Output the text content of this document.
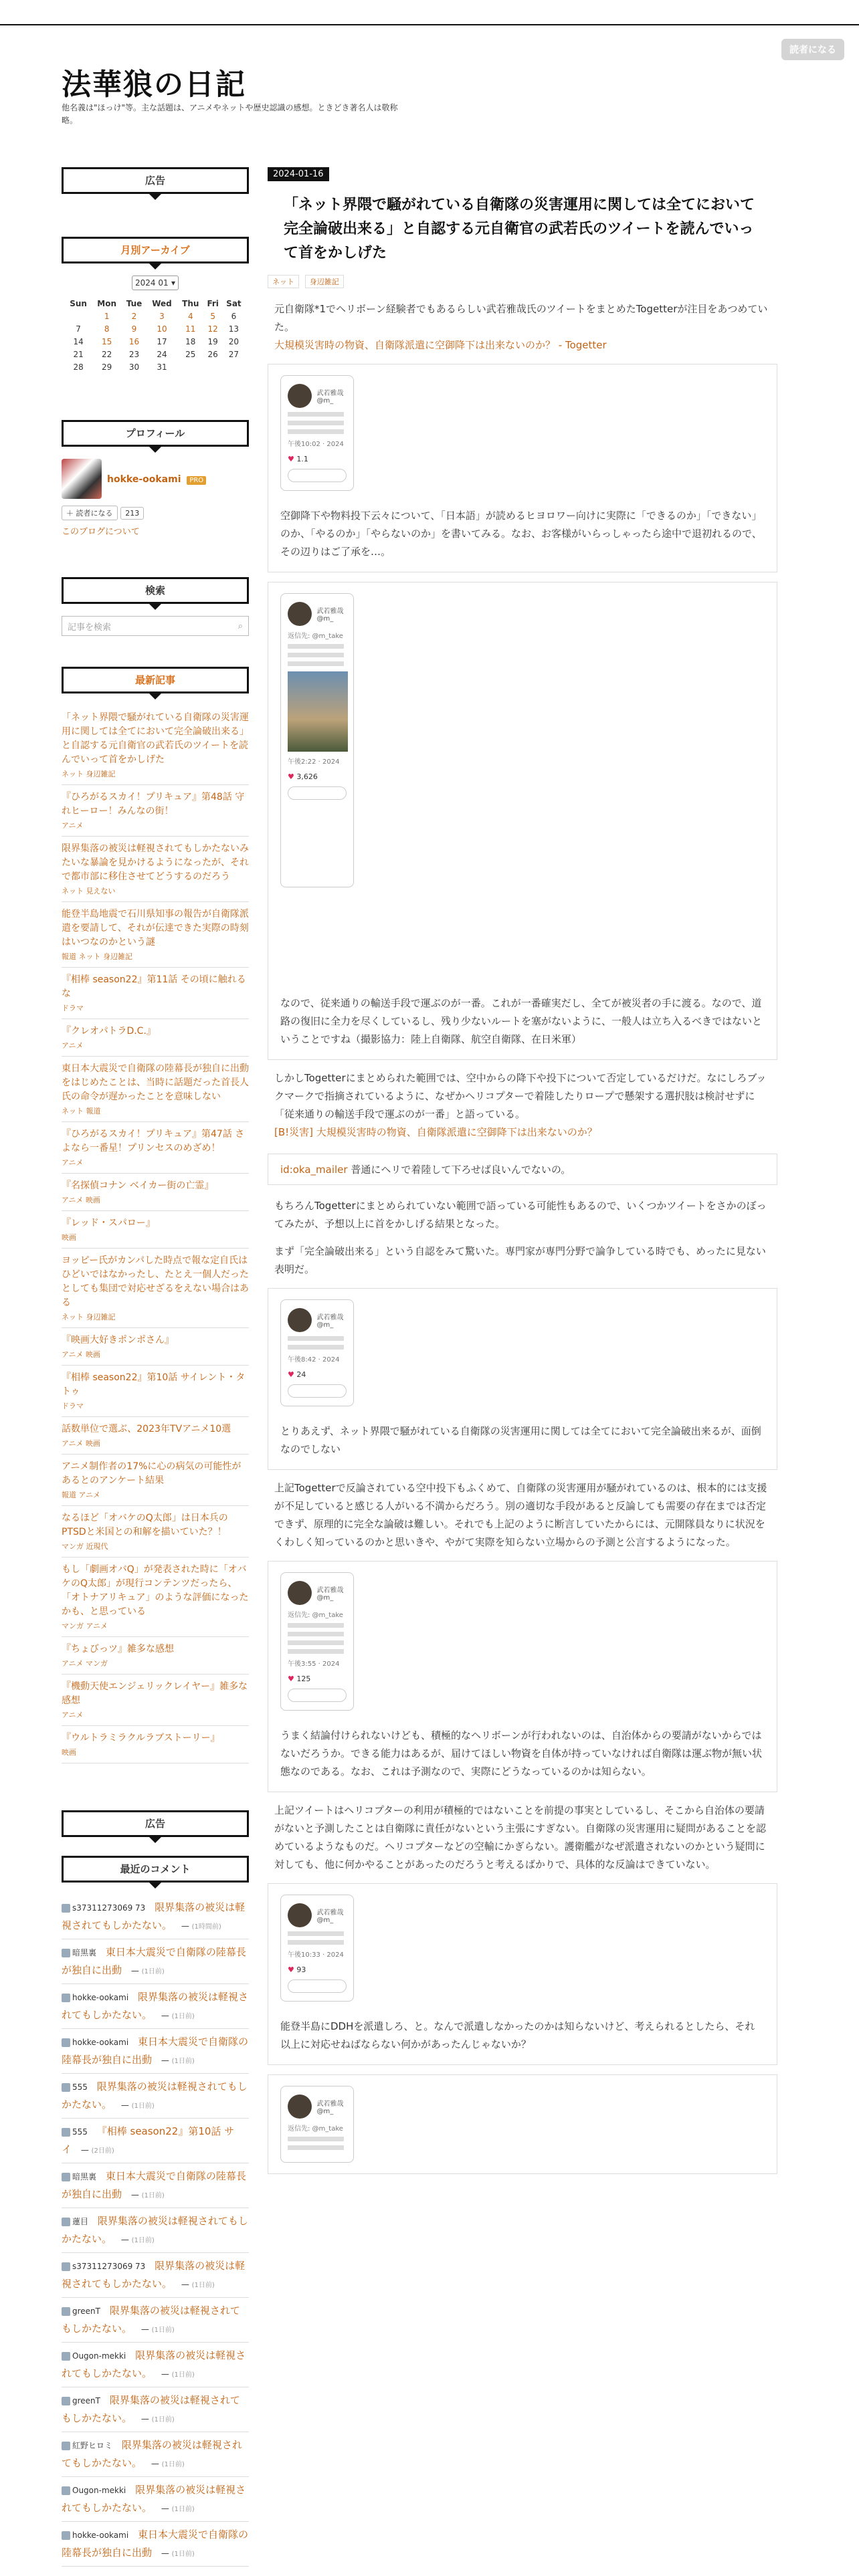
読者になる
法華狼の日記
他名義は"ほっけ"等。主な話題は、アニメやネットや歴史認識の感想。ときどき著名人は敬称略。
広告
月別アーカイブ
2024 01 ▾
Sun	Mon	Tue	Wed	Thu	Fri	Sat
	1	2	3	4	5	6
7	8	9	10	11	12	13
14	15	16	17	18	19	20
21	22	23	24	25	26	27
28	29	30	31			
プロフィール
hokke-ookami PRO
＋ 読者になる 213
このブログについて
検索
記事を検索	⌕
最新記事
「ネット界隈で騒がれている自衛隊の災害運用に関しては全てにおいて完全論破出来る」と自認する元自衛官の武若氏のツイートを読んでいって首をかしげた
ネット 身辺雑記
『ひろがるスカイ！プリキュア』第48話 守れヒーロー！みんなの街！
アニメ
限界集落の被災は軽視されてもしかたないみたいな暴論を見かけるようになったが、それで都市部に移住させてどうするのだろう
ネット 見えない
能登半島地震で石川県知事の報告が自衛隊派遣を要請して、それが伝達できた実際の時刻はいつなのかという謎
報道 ネット 身辺雑記
『相棒 season22』第11話 その頃に触れるな
ドラマ
『クレオパトラD.C.』
アニメ
東日本大震災で自衛隊の陸幕長が独自に出動をはじめたことは、当時に話題だった首長人氏の命令が遅かったことを意味しない
ネット 報道
『ひろがるスカイ！プリキュア』第47話 さよなら一番星！プリンセスのめざめ！
アニメ
『名探偵コナン ベイカー街の亡霊』
アニメ 映画
『レッド・スパロー』
映画
ヨッピー氏がカンパした時点で報な定自氏はひどいではなかったし、たとえ一個人だったとしても集団で対応せざるをえない場合はある
ネット 身辺雑記
『映画大好きポンポさん』
アニメ 映画
『相棒 season22』第10話 サイレント・タトゥ
ドラマ
話数単位で選ぶ、2023年TVアニメ10選
アニメ 映画
アニメ制作者の17%に心の病気の可能性があるとのアンケート結果
報道 アニメ
なるほど「オバケのQ太郎」は日本兵のPTSDと米国との和解を描いていた？！
マンガ 近現代
もし「劇画オバQ」が発表された時に「オバケのQ太郎」が現行コンテンツだったら、「オトナアリキュア」のような評価になったかも、と思っている
マンガ アニメ
『ちょびっツ』雑多な感想
アニメ マンガ
『機動天使エンジェリックレイヤー』雑多な感想
アニメ
『ウルトラミラクルラブストーリー』
映画
広告
最近のコメント
s37311273069 73 限界集落の被災は軽視されてもしかたない。 — (1時間前)
暗黒裏 東日本大震災で自衛隊の陸幕長が独自に出動 — (1日前)
hokke-ookami 限界集落の被災は軽視されてもしかたない。 — (1日前)
hokke-ookami 東日本大震災で自衛隊の陸幕長が独自に出動 — (1日前)
555 限界集落の被災は軽視されてもしかたない。 — (1日前)
555 『相棒 season22』第10話 サイ — (2日前)
暗黒裏 東日本大震災で自衛隊の陸幕長が独自に出動 — (1日前)
蓮目 限界集落の被災は軽視されてもしかたない。 — (1日前)
s37311273069 73 限界集落の被災は軽視されてもしかたない。 — (1日前)
greenT 限界集落の被災は軽視されてもしかたない。 — (1日前)
Ougon-mekki 限界集落の被災は軽視されてもしかたない。 — (1日前)
greenT 限界集落の被災は軽視されてもしかたない。 — (1日前)
紅野ヒロミ 限界集落の被災は軽視されてもしかたない。 — (1日前)
Ougon-mekki 限界集落の被災は軽視されてもしかたない。 — (1日前)
hokke-ookami 東日本大震災で自衛隊の陸幕長が独自に出動 — (1日前)
2024-01-16
「ネット界隈で騒がれている自衛隊の災害運用に関しては全てにおいて完全論破出来る」と自認する元自衛官の武若氏のツイートを読んでいって首をかしげた
ネット 身辺雑記

元自衛隊*1でヘリボーン経験者でもあるらしい武若雅哉氏のツイートをまとめたTogetterが注目をあつめていた。

大規模災害時の物資、自衛隊派遣に空御降下は出来ないのか？ - Togetter

武若雅哉
@m_
午後10:02 · 2024
♥ 1.1

空御降下や物料投下云々について、「日本語」が読めるヒヨロワー向けに実際に「できるのか」「できない」のか、「やるのか」「やらないのか」を書いてみる。なお、お客様がいらっしゃったら途中で退初れるので、その辺りはご了承を…。

武若雅哉
@m_
返信先: @m_take
午後2:22 · 2024
♥ 3,626

なので、従来通りの輸送手段で運ぶのが一番。これが一番確実だし、全てが被災者の手に渡る。なので、道路の復旧に全力を尽くしているし、残り少ないルートを塞がないように、一般人は立ち入るべきではないということですね（撮影協力：陸上自衛隊、航空自衛隊、在日米軍）

しかしTogetterにまとめられた範囲では、空中からの降下や投下について否定しているだけだ。なにしろブックマークで指摘されているように、なぜかヘリコプターで着陸したりロープで懸架する選択肢は検討せずに「従来通りの輸送手段で運ぶのが一番」と語っている。

[B!災害] 大規模災害時の物資、自衛隊派遣に空御降下は出来ないのか？

id:oka_mailer 普通にヘリで着陸して下ろせば良いんでないの。

もちろんTogetterにまとめられていない範囲で語っている可能性もあるので、いくつかツイートをさかのぼってみたが、予想以上に首をかしげる結果となった。

まず「完全論破出来る」という自認をみて驚いた。専門家が専門分野で論争している時でも、めったに見ない表明だ。

武若雅哉
@m_
午後8:42 · 2024
♥ 24

とりあえず、ネット界隈で騒がれている自衛隊の災害運用に関しては全てにおいて完全論破出来るが、面倒なのでしない

上記Togetterで反論されている空中投下もふくめて、自衛隊の災害運用が騒がれているのは、根本的には支援が不足していると感じる人がいる不満からだろう。別の適切な手段があると反論しても需要の存在までは否定できず、原理的に完全な論破は難しい。それでも上記のように断言していたからには、元開隊員なりに状況をくわしく知っているのかと思いきや、やがて実際を知らない立場からの予測と公言するようになった。

武若雅哉
@m_
返信先: @m_take
午後3:55 · 2024
♥ 125

うまく結論付けられないけども、積極的なヘリボーンが行われないのは、自治体からの要請がないからではないだろうか。できる能力はあるが、届けてほしい物資を自体が持っていなければ自衛隊は運ぶ物が無い状態なのである。なお、これは予測なので、実際にどうなっているのかは知らない。

上記ツイートはヘリコプターの利用が積極的ではないことを前提の事実としているし、そこから自治体の要請がないと予測したことは自衛隊に責任がないという主張にすぎない。自衛隊の災害運用に疑問があることを認めているようなものだ。ヘリコプターなどの空輸にかぎらない。護衛艦がなぜ派遣されないのかという疑問に対しても、他に何かやることがあったのだろうと考えるばかりで、具体的な反論はできていない。

武若雅哉
@m_
午後10:33 · 2024
♥ 93

能登半島にDDHを派遣しろ、と。なんで派遣しなかったのかは知らないけど、考えられるとしたら、それ以上に対応せねばならない何かがあったんじゃないか？

武若雅哉
@m_
返信先: @m_take
